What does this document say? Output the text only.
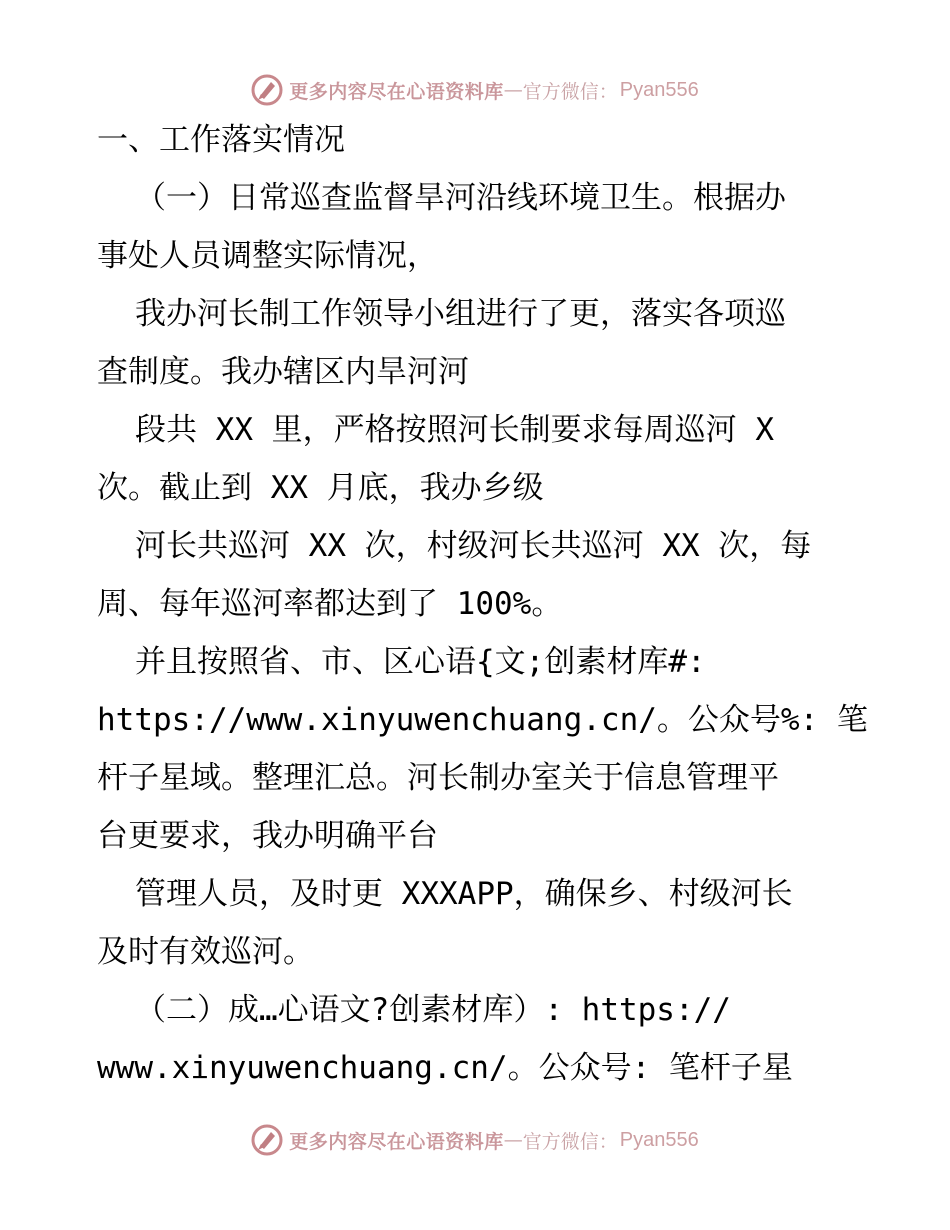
更多内容尽在心语资料库 — 官方微信： Pyan556
一、工作落实情况
（一）日常巡查监督旱河沿线环境卫生。根据办
事处人员调整实际情况，
我办河长制工作领导小组进行了更，落实各项巡
查制度。我办辖区内旱河河
段共 XX 里，严格按照河长制要求每周巡河 X
次。截止到 XX 月底，我办乡级
河长共巡河 XX 次，村级河长共巡河 XX 次，每
周、每年巡河率都达到了 100%。
并且按照省、市、区心语{文;创素材库#:
https://www.xinyuwenchuang.cn/。公众号%: 笔
杆子星域。整理汇总。河长制办室关于信息管理平
台更要求，我办明确平台
管理人员，及时更 XXXAPP，确保乡、村级河长
及时有效巡河。
（二）成…心语文?创素材库）: https://
www.xinyuwenchuang.cn/。公众号: 笔杆子星
更多内容尽在心语资料库 — 官方微信： Pyan556
